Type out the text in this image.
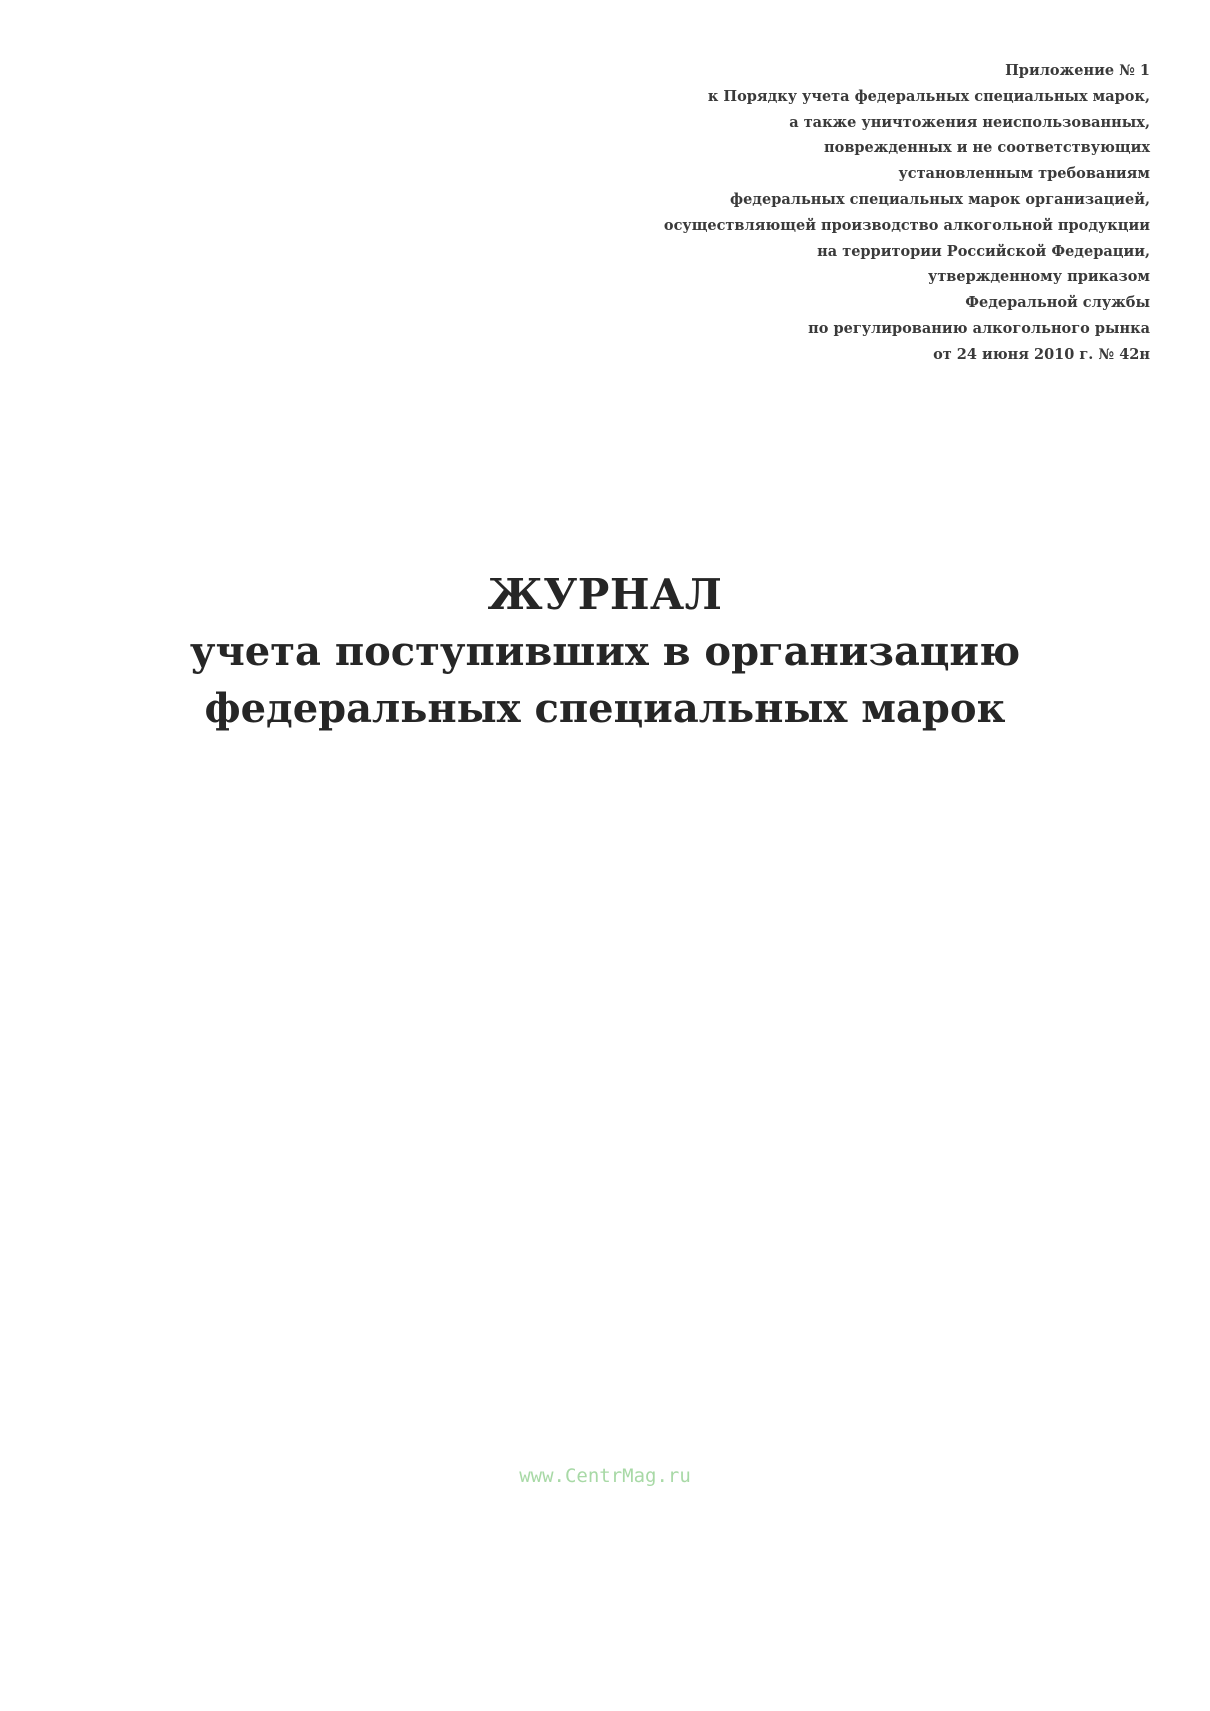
Приложение № 1
к Порядку учета федеральных специальных марок,
а также уничтожения неиспользованных,
поврежденных и не соответствующих
установленным требованиям
федеральных специальных марок организацией,
осуществляющей производство алкогольной продукции
на территории Российской Федерации,
утвержденному приказом
Федеральной службы
по регулированию алкогольного рынка
от 24 июня 2010 г. № 42н
ЖУРНАЛ
учета поступивших в организацию
федеральных специальных марок
www.CentrMag.ru
